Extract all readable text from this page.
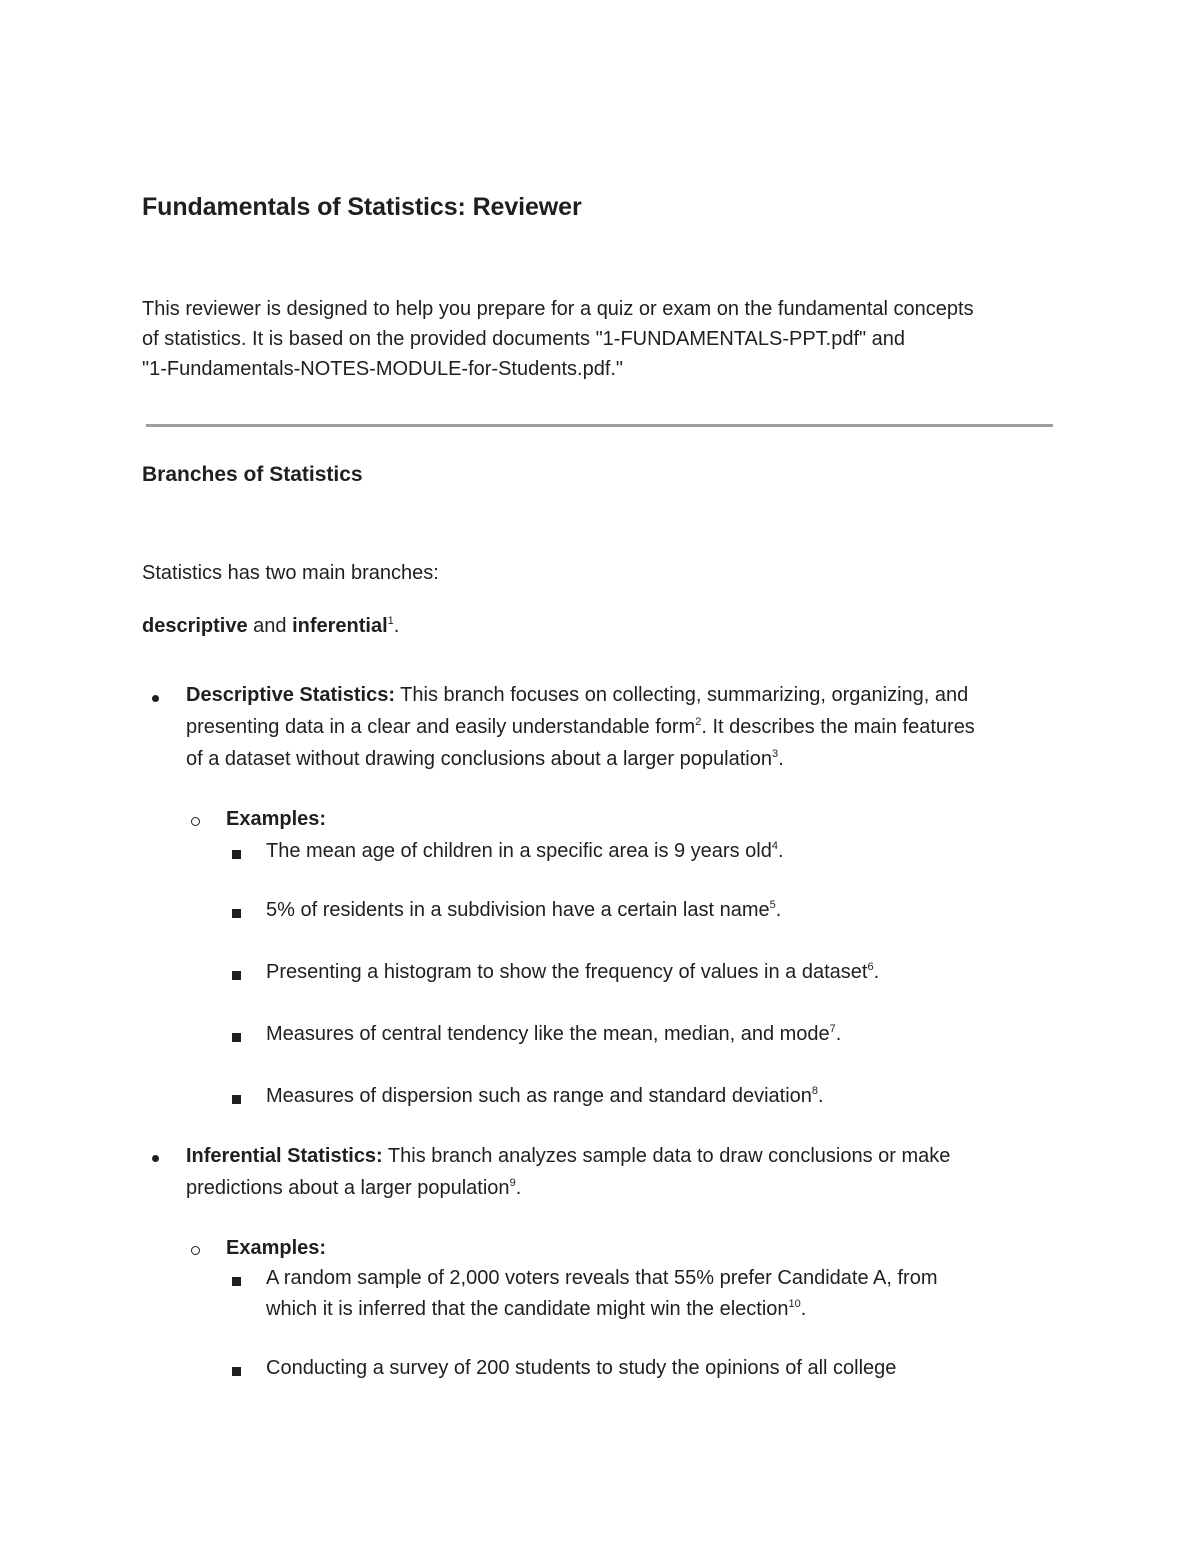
Fundamentals of Statistics: Reviewer
This reviewer is designed to help you prepare for a quiz or exam on the fundamental concepts
of statistics. It is based on the provided documents "1-FUNDAMENTALS-PPT.pdf" and
"1-Fundamentals-NOTES-MODULE-for-Students.pdf."
Branches of Statistics
Statistics has two main branches:
descriptive and inferential$^1$.
Descriptive Statistics: This branch focuses on collecting, summarizing, organizing, and
presenting data in a clear and easily understandable form$^2$. It describes the main features
of a dataset without drawing conclusions about a larger population$^3$.
Examples:
The mean age of children in a specific area is 9 years old$^4$.
5% of residents in a subdivision have a certain last name$^5$.
Presenting a histogram to show the frequency of values in a dataset$^6$.
Measures of central tendency like the mean, median, and mode$^7$.
Measures of dispersion such as range and standard deviation$^8$.
Inferential Statistics: This branch analyzes sample data to draw conclusions or make
predictions about a larger population$^9$.
Examples:
A random sample of 2,000 voters reveals that 55% prefer Candidate A, from
which it is inferred that the candidate might win the election$^{10}$.
Conducting a survey of 200 students to study the opinions of all college
